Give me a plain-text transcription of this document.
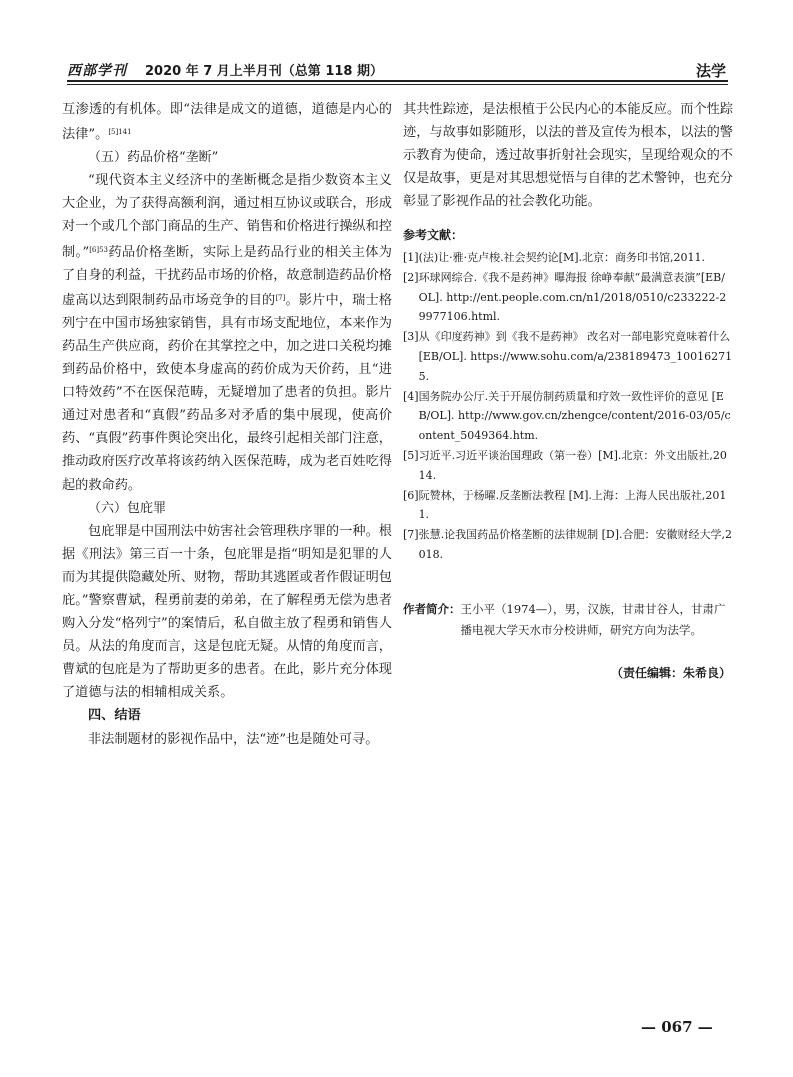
西部学刊 2020 年 7 月上半月刊（总第 118 期）	法学

互渗透的有机体。即“法律是成文的道德，道德是内心的法律”。$^{[5]141}$

（五）药品价格“垄断”

“现代资本主义经济中的垄断概念是指少数资本主义大企业，为了获得高额利润，通过相互协议或联合，形成对一个或几个部门商品的生产、销售和价格进行操纵和控制。”$^{[6]53}$药品价格垄断，实际上是药品行业的相关主体为了自身的利益，干扰药品市场的价格，故意制造药品价格虚高以达到限制药品市场竞争的目的[7]。影片中，瑞士格列宁在中国市场独家销售，具有市场支配地位，本来作为药品生产供应商，药价在其掌控之中，加之进口关税均摊到药品价格中，致使本身虚高的药价成为天价药，且“进口特效药”不在医保范畴，无疑增加了患者的负担。影片通过对患者和“真假”药品多对矛盾的集中展现，使高价药、“真假”药事件舆论突出化，最终引起相关部门注意，推动政府医疗改革将该药纳入医保范畴，成为老百姓吃得起的救命药。

（六）包庇罪

包庇罪是中国刑法中妨害社会管理秩序罪的一种。根据《刑法》第三百一十条，包庇罪是指“明知是犯罪的人而为其提供隐藏处所、财物，帮助其逃匿或者作假证明包庇。”警察曹斌，程勇前妻的弟弟，在了解程勇无偿为患者购入分发“格列宁”的案情后，私自做主放了程勇和销售人员。从法的角度而言，这是包庇无疑。从情的角度而言，曹斌的包庇是为了帮助更多的患者。在此，影片充分体现了道德与法的相辅相成关系。

四、结语

非法制题材的影视作品中，法“迹”也是随处可寻。

其共性踪迹，是法根植于公民内心的本能反应。而个性踪迹，与故事如影随形，以法的普及宣传为根本，以法的警示教育为使命，透过故事折射社会现实，呈现给观众的不仅是故事，更是对其思想觉悟与自律的艺术警钟，也充分彰显了影视作品的社会教化功能。

参考文献：

[1] (法)让·雅·克卢梭.社会契约论[M].北京：商务印书馆,2011.

[2] 环球网综合.《我不是药神》曝海报 徐峥奉献“最满意表演”[EB/OL]. http://ent.people.com.cn/n1/2018/0510/c233222-29977106.html.

[3] 从《印度药神》到《我不是药神》 改名对一部电影究竟味着什么 [EB/OL]. https://www.sohu.com/a/238189473_100162715.

[4] 国务院办公厅.关于开展仿制药质量和疗效一致性评价的意见 [EB/OL]. http://www.gov.cn/zhengce/content/2016-03/05/content_5049364.htm.

[5] 习近平.习近平谈治国理政（第一卷）[M].北京：外文出版社,2014.

[6] 阮赞林，于杨曜.反垄断法教程 [M].上海：上海人民出版社,2011.

[7] 张慧.论我国药品价格垄断的法律规制 [D].合肥：安徽财经大学,2018.

作者简介： 王小平（1974—），男，汉族，甘肃甘谷人，甘肃广播电视大学天水市分校讲师，研究方向为法学。
（责任编辑：朱希良）
— 067 —
